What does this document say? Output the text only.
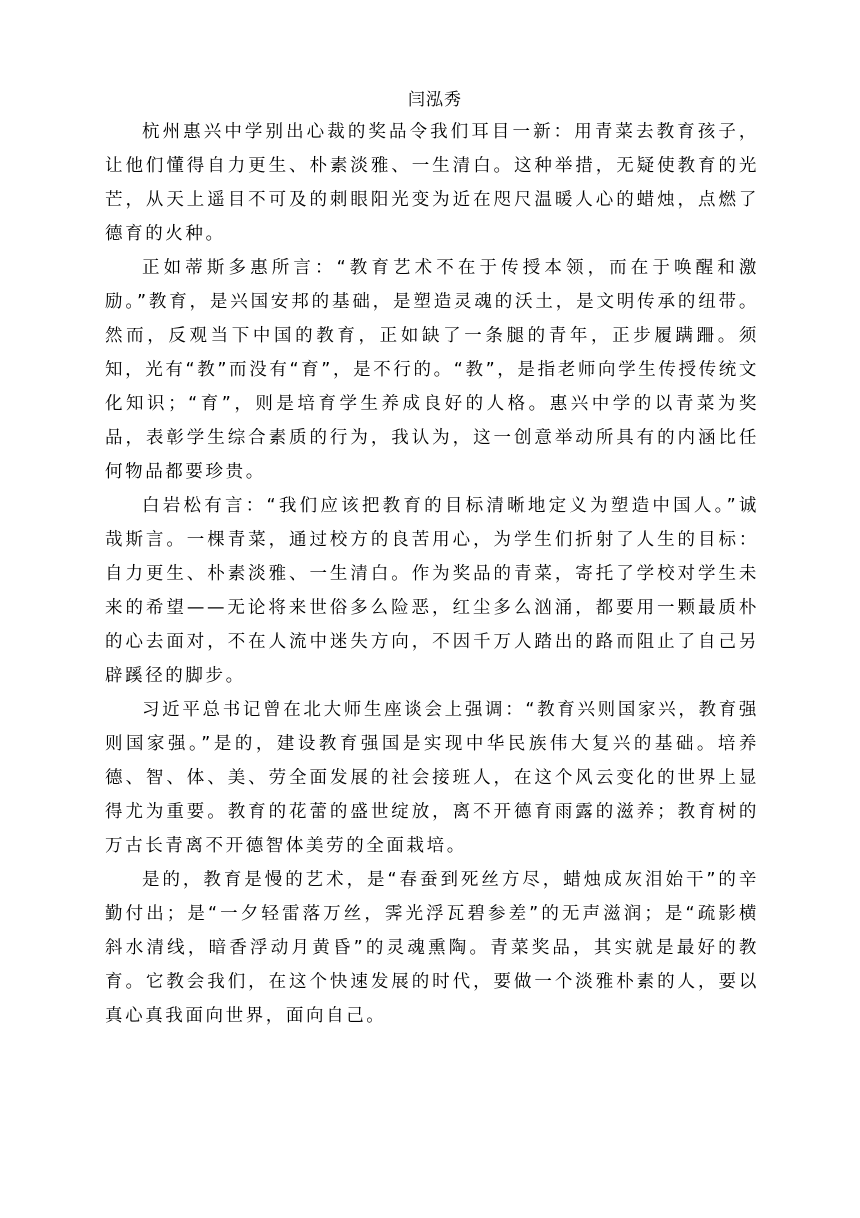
闫泓秀

杭州惠兴中学别出心裁的奖品令我们耳目一新：用青菜去教育孩子，让他们懂得自力更生、朴素淡雅、一生清白。这种举措，无疑使教育的光芒，从天上遥目不可及的刺眼阳光变为近在咫尺温暖人心的蜡烛，点燃了德育的火种。

正如蒂斯多惠所言：“教育艺术不在于传授本领，而在于唤醒和激励。”教育，是兴国安邦的基础，是塑造灵魂的沃土，是文明传承的纽带。然而，反观当下中国的教育，正如缺了一条腿的青年，正步履蹒跚。须知，光有“教”而没有“育”，是不行的。“教”，是指老师向学生传授传统文化知识；“育”，则是培育学生养成良好的人格。惠兴中学的以青菜为奖品，表彰学生综合素质的行为，我认为，这一创意举动所具有的内涵比任何物品都要珍贵。

白岩松有言：“我们应该把教育的目标清晰地定义为塑造中国人。”诚哉斯言。一棵青菜，通过校方的良苦用心，为学生们折射了人生的目标：自力更生、朴素淡雅、一生清白。作为奖品的青菜，寄托了学校对学生未来的希望——无论将来世俗多么险恶，红尘多么汹涌，都要用一颗最质朴的心去面对，不在人流中迷失方向，不因千万人踏出的路而阻止了自己另辟蹊径的脚步。

习近平总书记曾在北大师生座谈会上强调：“教育兴则国家兴，教育强则国家强。”是的，建设教育强国是实现中华民族伟大复兴的基础。培养德、智、体、美、劳全面发展的社会接班人，在这个风云变化的世界上显得尤为重要。教育的花蕾的盛世绽放，离不开德育雨露的滋养；教育树的万古长青离不开德智体美劳的全面栽培。

是的，教育是慢的艺术，是“春蚕到死丝方尽，蜡烛成灰泪始干”的辛勤付出；是“一夕轻雷落万丝，霁光浮瓦碧参差”的无声滋润；是“疏影横斜水清线，暗香浮动月黄昏”的灵魂熏陶。青菜奖品，其实就是最好的教育。它教会我们，在这个快速发展的时代，要做一个淡雅朴素的人，要以真心真我面向世界，面向自己。
